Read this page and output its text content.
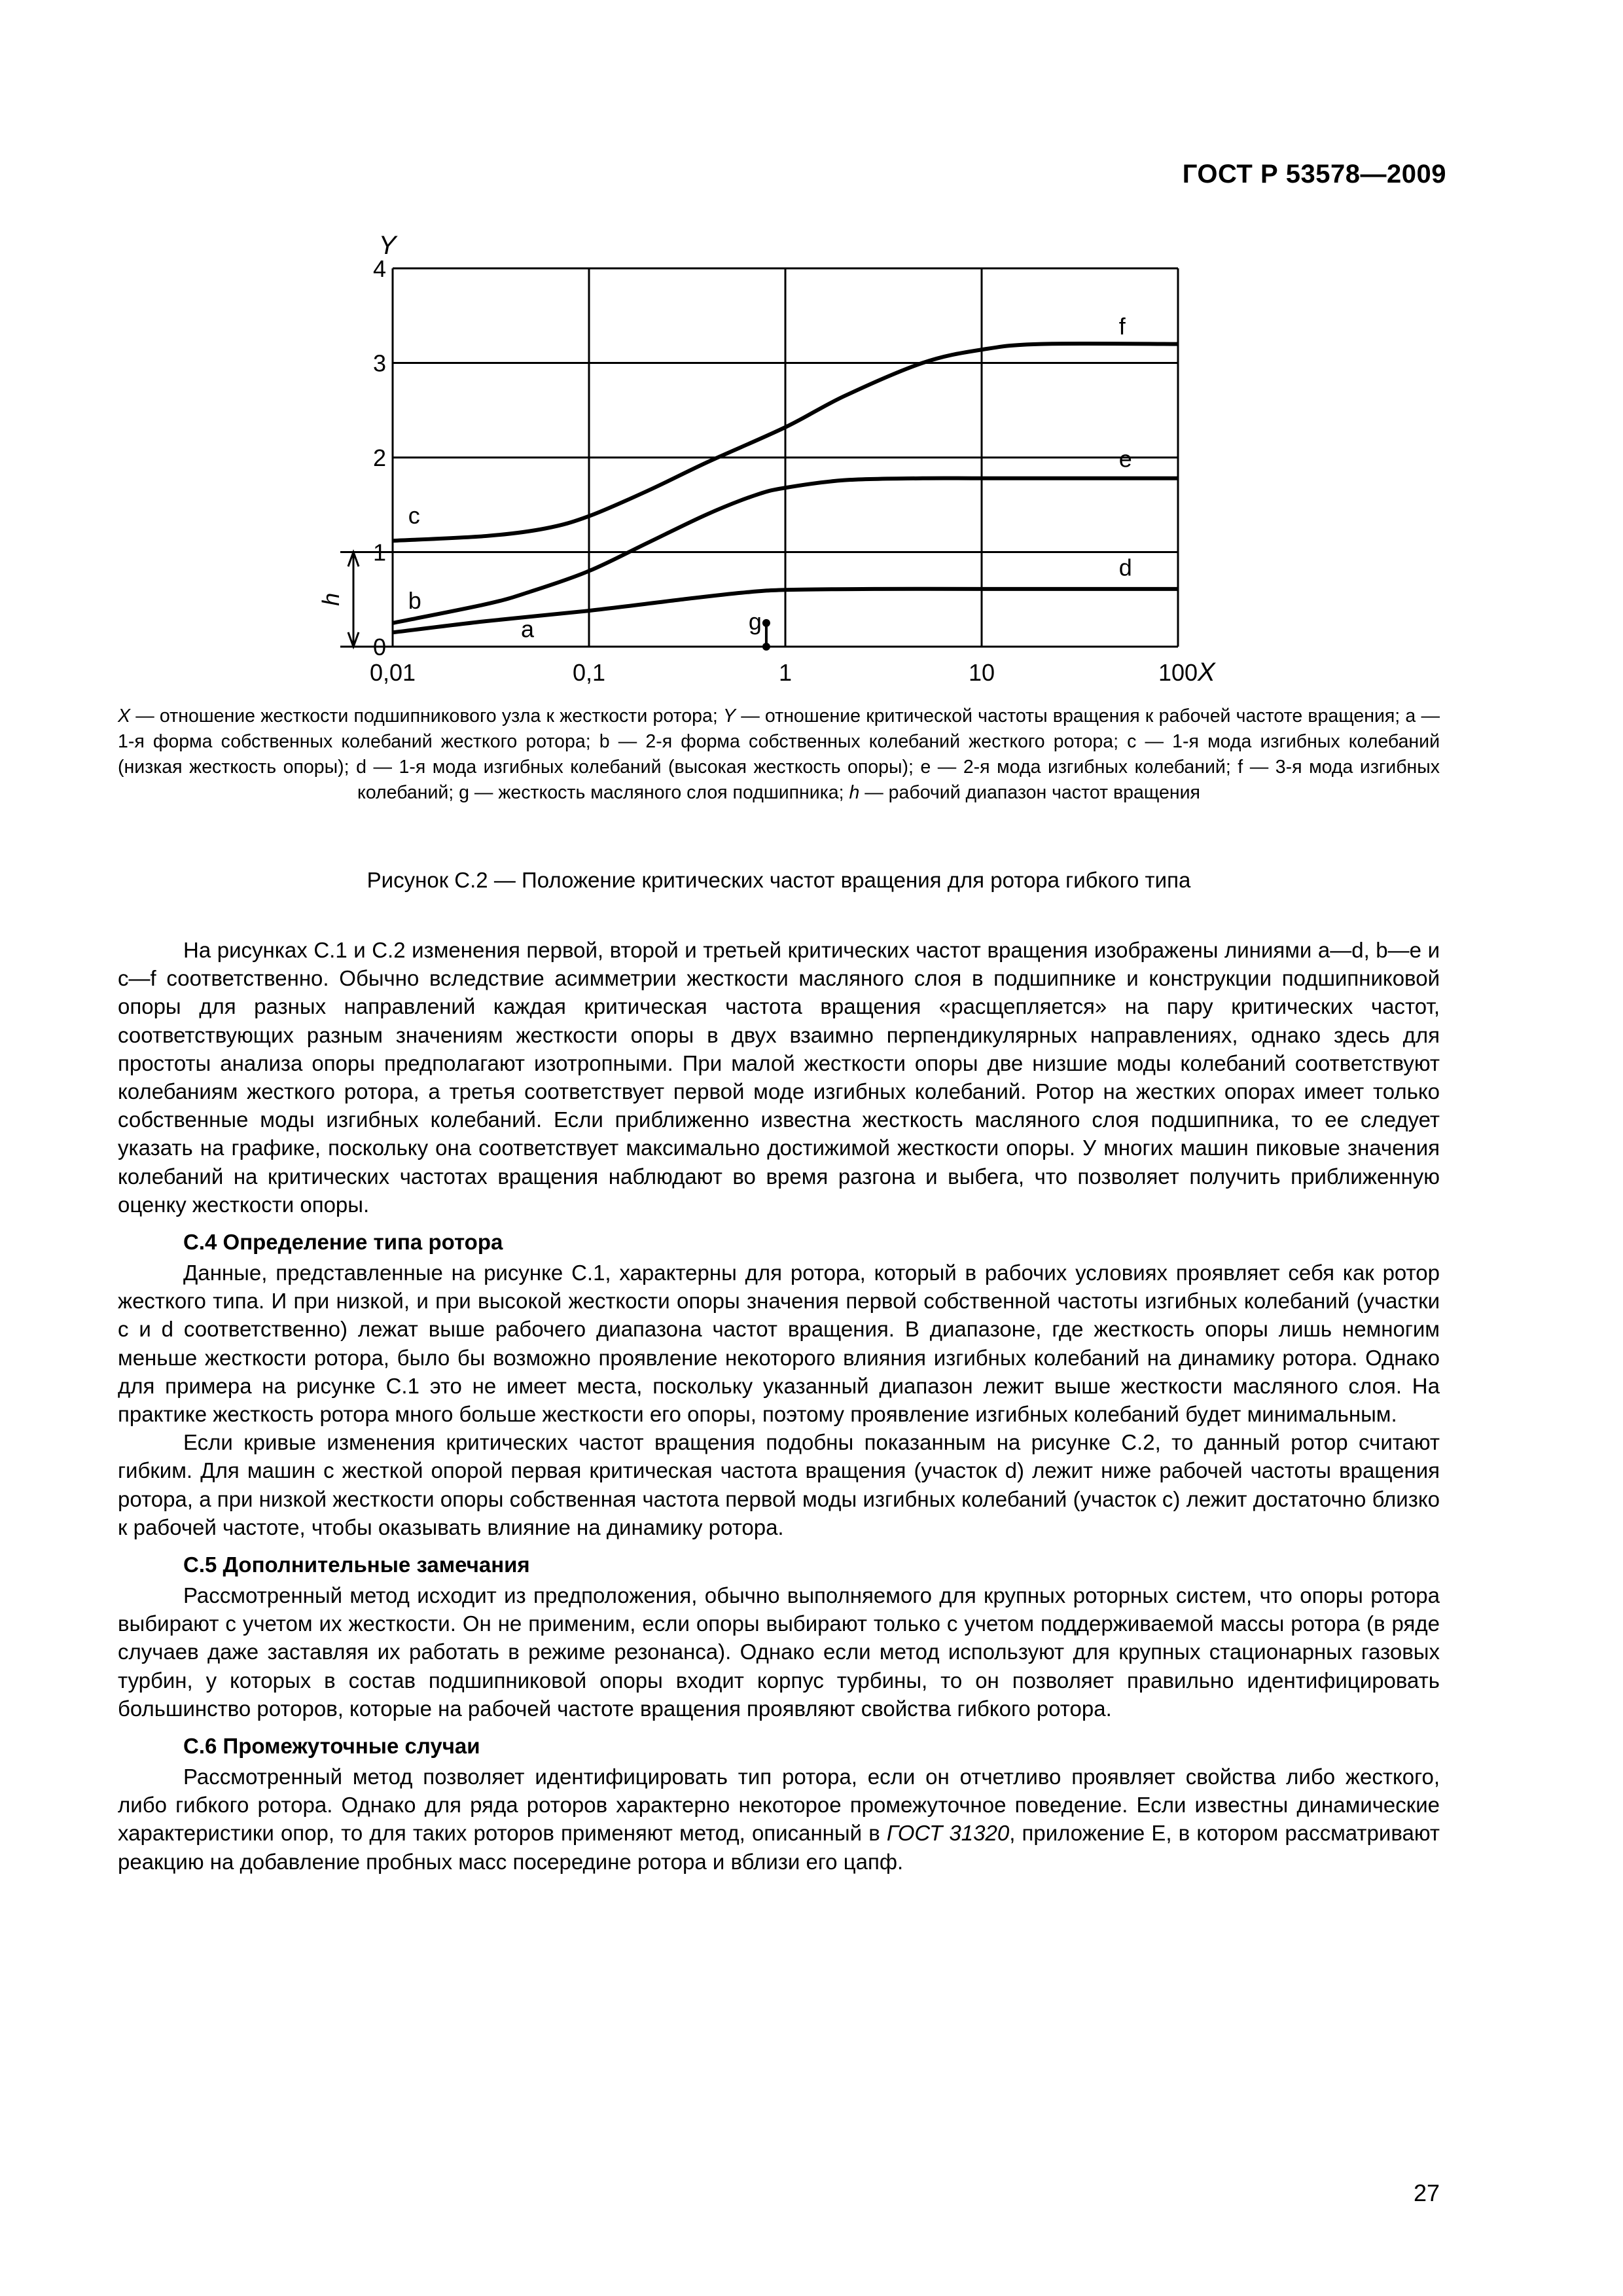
ГОСТ Р 53578—2009
0,01	0,1	1	10	100
0
1
2
3
4
X
Y
a
b
c
d
e
f
g
h
X — отношение жесткости подшипникового узла к жесткости ротора; Y — отношение критической частоты вращения к рабочей частоте вращения; а — 1-я форма собственных колебаний жесткого ротора; b — 2-я форма собственных колебаний жесткого ротора; с — 1-я мода изгибных колебаний (низкая жесткость опоры); d — 1-я мода изгибных колебаний (высокая жесткость опоры); е — 2-я мода изгибных колебаний; f — 3-я мода изгибных колебаний; g — жесткость масляного слоя подшипника; h — рабочий диапазон частот вращения
Рисунок С.2 — Положение критических частот вращения для ротора гибкого типа

На рисунках С.1 и С.2 изменения первой, второй и третьей критических частот вращения изображены линиями a—d, b—e и с—f соответственно. Обычно вследствие асимметрии жесткости масляного слоя в подшипнике и конструкции подшипниковой опоры для разных направлений каждая критическая частота вращения «расщепляется» на пару критических частот, соответствующих разным значениям жесткости опоры в двух взаимно перпендикулярных направлениях, однако здесь для простоты анализа опоры предполагают изотропными. При малой жесткости опоры две низшие моды колебаний соответствуют колебаниям жесткого ротора, а третья соответствует первой моде изгибных колебаний. Ротор на жестких опорах имеет только собственные моды изгибных колебаний. Если приближенно известна жесткость масляного слоя подшипника, то ее следует указать на графике, поскольку она соответствует максимально достижимой жесткости опоры. У многих машин пиковые значения колебаний на критических частотах вращения наблюдают во время разгона и выбега, что позволяет получить приближенную оценку жесткости опоры.

С.4 Определение типа ротора

Данные, представленные на рисунке С.1, характерны для ротора, который в рабочих условиях проявляет себя как ротор жесткого типа. И при низкой, и при высокой жесткости опоры значения первой собственной частоты изгибных колебаний (участки с и d соответственно) лежат выше рабочего диапазона частот вращения. В диапазоне, где жесткость опоры лишь немногим меньше жесткости ротора, было бы возможно проявление некоторого влияния изгибных колебаний на динамику ротора. Однако для примера на рисунке С.1 это не имеет места, поскольку указанный диапазон лежит выше жесткости масляного слоя. На практике жесткость ротора много больше жесткости его опоры, поэтому проявление изгибных колебаний будет минимальным.

Если кривые изменения критических частот вращения подобны показанным на рисунке С.2, то данный ротор считают гибким. Для машин с жесткой опорой первая критическая частота вращения (участок d) лежит ниже рабочей частоты вращения ротора, а при низкой жесткости опоры собственная частота первой моды изгибных колебаний (участок с) лежит достаточно близко к рабочей частоте, чтобы оказывать влияние на динамику ротора.

С.5 Дополнительные замечания

Рассмотренный метод исходит из предположения, обычно выполняемого для крупных роторных систем, что опоры ротора выбирают с учетом их жесткости. Он не применим, если опоры выбирают только с учетом поддерживаемой массы ротора (в ряде случаев даже заставляя их работать в режиме резонанса). Однако если метод используют для крупных стационарных газовых турбин, у которых в состав подшипниковой опоры входит корпус турбины, то он позволяет правильно идентифицировать большинство роторов, которые на рабочей частоте вращения проявляют свойства гибкого ротора.

С.6 Промежуточные случаи

Рассмотренный метод позволяет идентифицировать тип ротора, если он отчетливо проявляет свойства либо жесткого, либо гибкого ротора. Однако для ряда роторов характерно некоторое промежуточное поведение. Если известны динамические характеристики опор, то для таких роторов применяют метод, описанный в ГОСТ 31320, приложение Е, в котором рассматривают реакцию на добавление пробных масс посередине ротора и вблизи его цапф.

27
